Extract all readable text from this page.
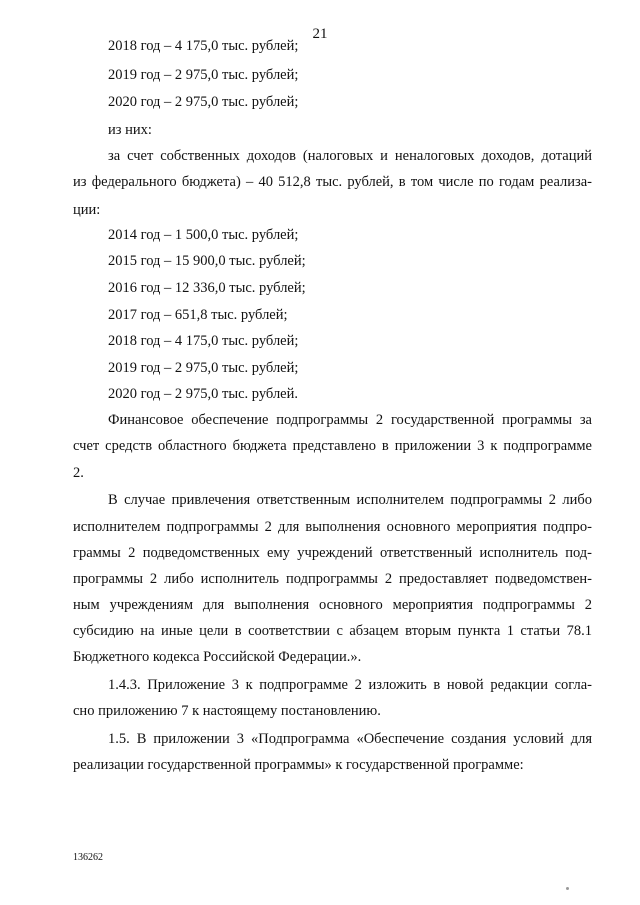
21
2018 год – 4 175,0 тыс. рублей;
2019 год – 2 975,0 тыс. рублей;
2020 год – 2 975,0 тыс. рублей;
из них:
за счет собственных доходов (налоговых и неналоговых доходов, дотаций
из федерального бюджета) – 40 512,8 тыс. рублей, в том числе по годам реализа-
ции:
2014 год – 1 500,0 тыс. рублей;
2015 год – 15 900,0 тыс. рублей;
2016 год – 12 336,0 тыс. рублей;
2017 год – 651,8 тыс. рублей;
2018 год – 4 175,0 тыс. рублей;
2019 год – 2 975,0 тыс. рублей;
2020 год – 2 975,0 тыс. рублей.
Финансовое обеспечение подпрограммы 2 государственной программы за
счет средств областного бюджета представлено в приложении 3 к подпрограмме
2.
В случае привлечения ответственным исполнителем подпрограммы 2 либо
исполнителем подпрограммы 2 для выполнения основного мероприятия подпро-
граммы 2 подведомственных ему учреждений ответственный исполнитель под-
программы 2 либо исполнитель подпрограммы 2 предоставляет подведомствен-
ным учреждениям для выполнения основного мероприятия подпрограммы 2
субсидию на иные цели в соответствии с абзацем вторым пункта 1 статьи 78.1
Бюджетного кодекса Российской Федерации.».
1.4.3. Приложение 3 к подпрограмме 2 изложить в новой редакции согла-
сно приложению 7 к настоящему постановлению.
1.5. В приложении 3 «Подпрограмма «Обеспечение создания условий для
реализации государственной программы» к государственной программе:
136262
